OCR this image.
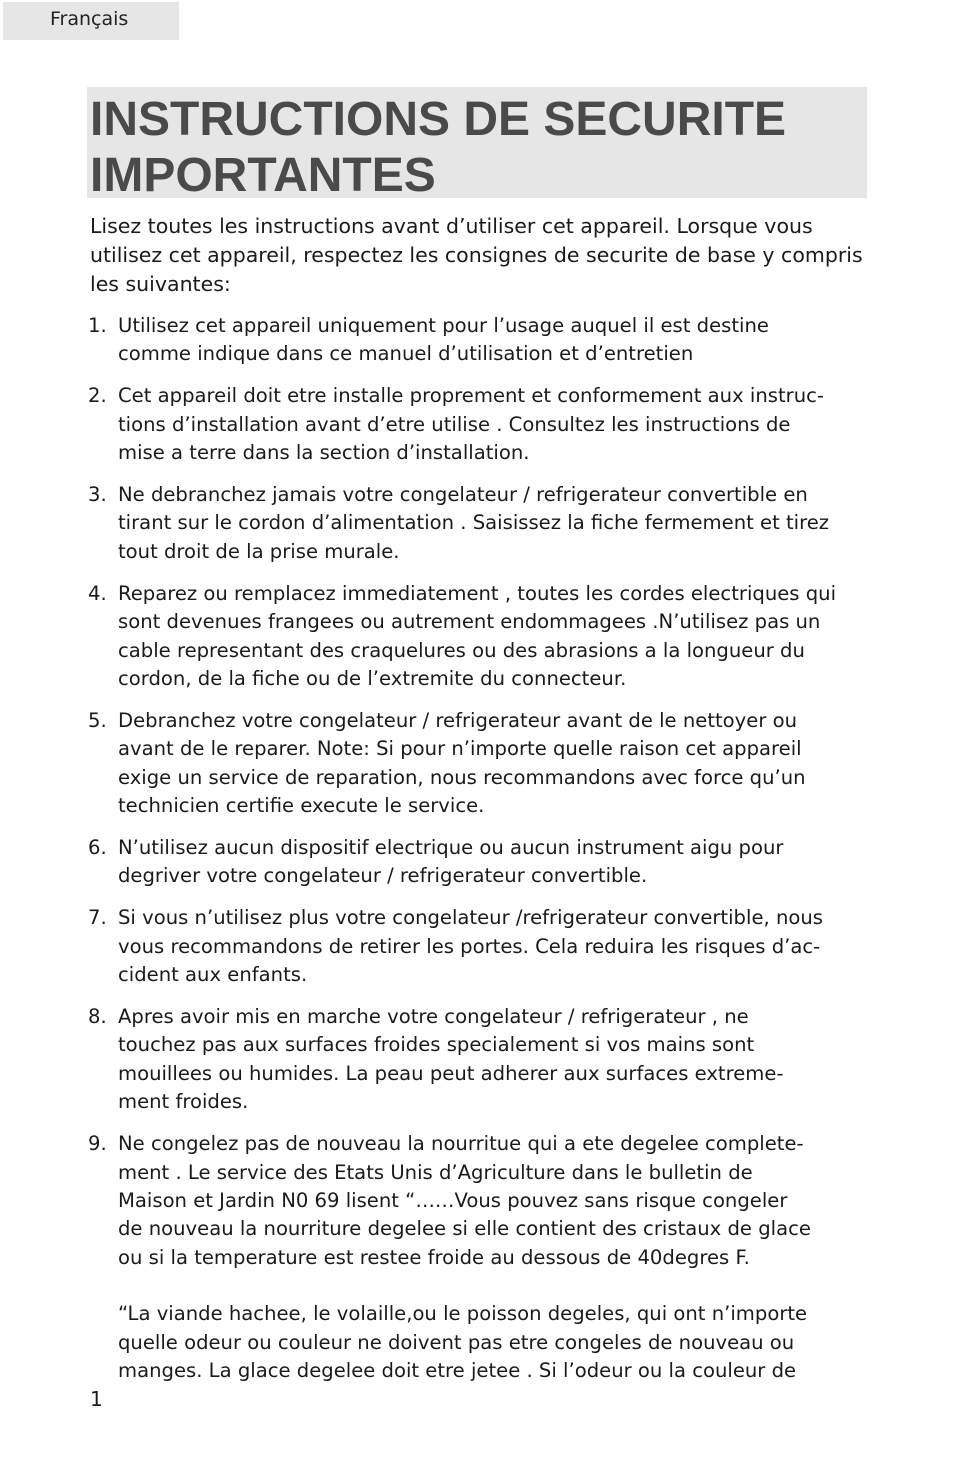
Français
INSTRUCTIONS DE SECURITE
IMPORTANTES

Lisez toutes les instructions avant d’utiliser cet appareil. Lorsque vous utilisez cet appareil, respectez les consignes de securite de base y compris les suivantes:

1. Utilisez cet appareil uniquement pour l’usage auquel il est destine
comme indique dans ce manuel d’utilisation et d’entretien
2. Cet appareil doit etre installe proprement et conformement aux instruc-
tions d’installation avant d’etre utilise . Consultez les instructions de
mise a terre dans la section d’installation.
3. Ne debranchez jamais votre congelateur / refrigerateur convertible en
tirant sur le cordon d’alimentation . Saisissez la fiche fermement et tirez
tout droit de la prise murale.
4. Reparez ou remplacez immediatement , toutes les cordes electriques qui
sont devenues frangees ou autrement endommagees .N’utilisez pas un
cable representant des craquelures ou des abrasions a la longueur du
cordon, de la fiche ou de l’extremite du connecteur.
5. Debranchez votre congelateur / refrigerateur avant de le nettoyer ou
avant de le reparer. Note: Si pour n’importe quelle raison cet appareil
exige un service de reparation, nous recommandons avec force qu’un
technicien certifie execute le service.
6. N’utilisez aucun dispositif electrique ou aucun instrument aigu pour
degriver votre congelateur / refrigerateur convertible.
7. Si vous n’utilisez plus votre congelateur /refrigerateur convertible, nous
vous recommandons de retirer les portes. Cela reduira les risques d’ac-
cident aux enfants.
8. Apres avoir mis en marche votre congelateur / refrigerateur , ne
touchez pas aux surfaces froides specialement si vos mains sont
mouillees ou humides. La peau peut adherer aux surfaces extreme-
ment froides.
9. Ne congelez pas de nouveau la nourritue qui a ete degelee complete-
ment . Le service des Etats Unis d’Agriculture dans le bulletin de
Maison et Jardin N0 69 lisent “……Vous pouvez sans risque congeler
de nouveau la nourriture degelee si elle contient des cristaux de glace
ou si la temperature est restee froide au dessous de 40degres F.
“La viande hachee, le volaille,ou le poisson degeles, qui ont n’importe
quelle odeur ou couleur ne doivent pas etre congeles de nouveau ou
manges. La glace degelee doit etre jetee . Si l’odeur ou la couleur de
1
